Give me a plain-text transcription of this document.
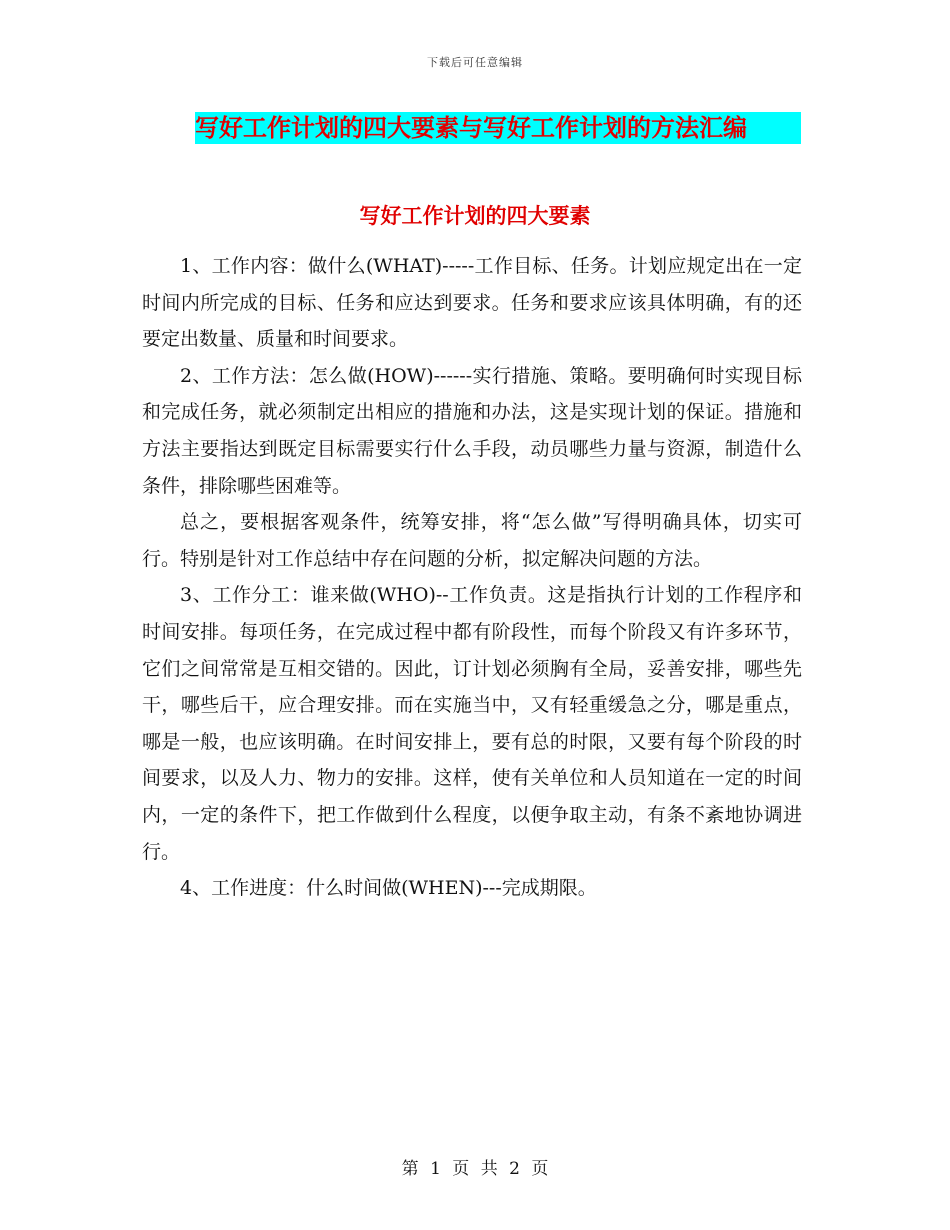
下载后可任意编辑
写好工作计划的四大要素与写好工作计划的方法汇编
写好工作计划的四大要素

1、工作内容：做什么(WHAT)-----工作目标、任务。计划应规定出在一定时间内所完成的目标、任务和应达到要求。任务和要求应该具体明确，有的还要定出数量、质量和时间要求。

2、工作方法：怎么做(HOW)------实行措施、策略。要明确何时实现目标和完成任务，就必须制定出相应的措施和办法，这是实现计划的保证。措施和方法主要指达到既定目标需要实行什么手段，动员哪些力量与资源，制造什么条件，排除哪些困难等。

总之，要根据客观条件，统筹安排，将“怎么做”写得明确具体，切实可行。特别是针对工作总结中存在问题的分析，拟定解决问题的方法。

3、工作分工：谁来做(WHO)--工作负责。这是指执行计划的工作程序和时间安排。每项任务，在完成过程中都有阶段性，而每个阶段又有许多环节，它们之间常常是互相交错的。因此，订计划必须胸有全局，妥善安排，哪些先干，哪些后干，应合理安排。而在实施当中，又有轻重缓急之分，哪是重点，哪是一般，也应该明确。在时间安排上，要有总的时限，又要有每个阶段的时间要求，以及人力、物力的安排。这样，使有关单位和人员知道在一定的时间内，一定的条件下，把工作做到什么程度，以便争取主动，有条不紊地协调进行。

4、工作进度：什么时间做(WHEN)---完成期限。

第 1 页 共 2 页
